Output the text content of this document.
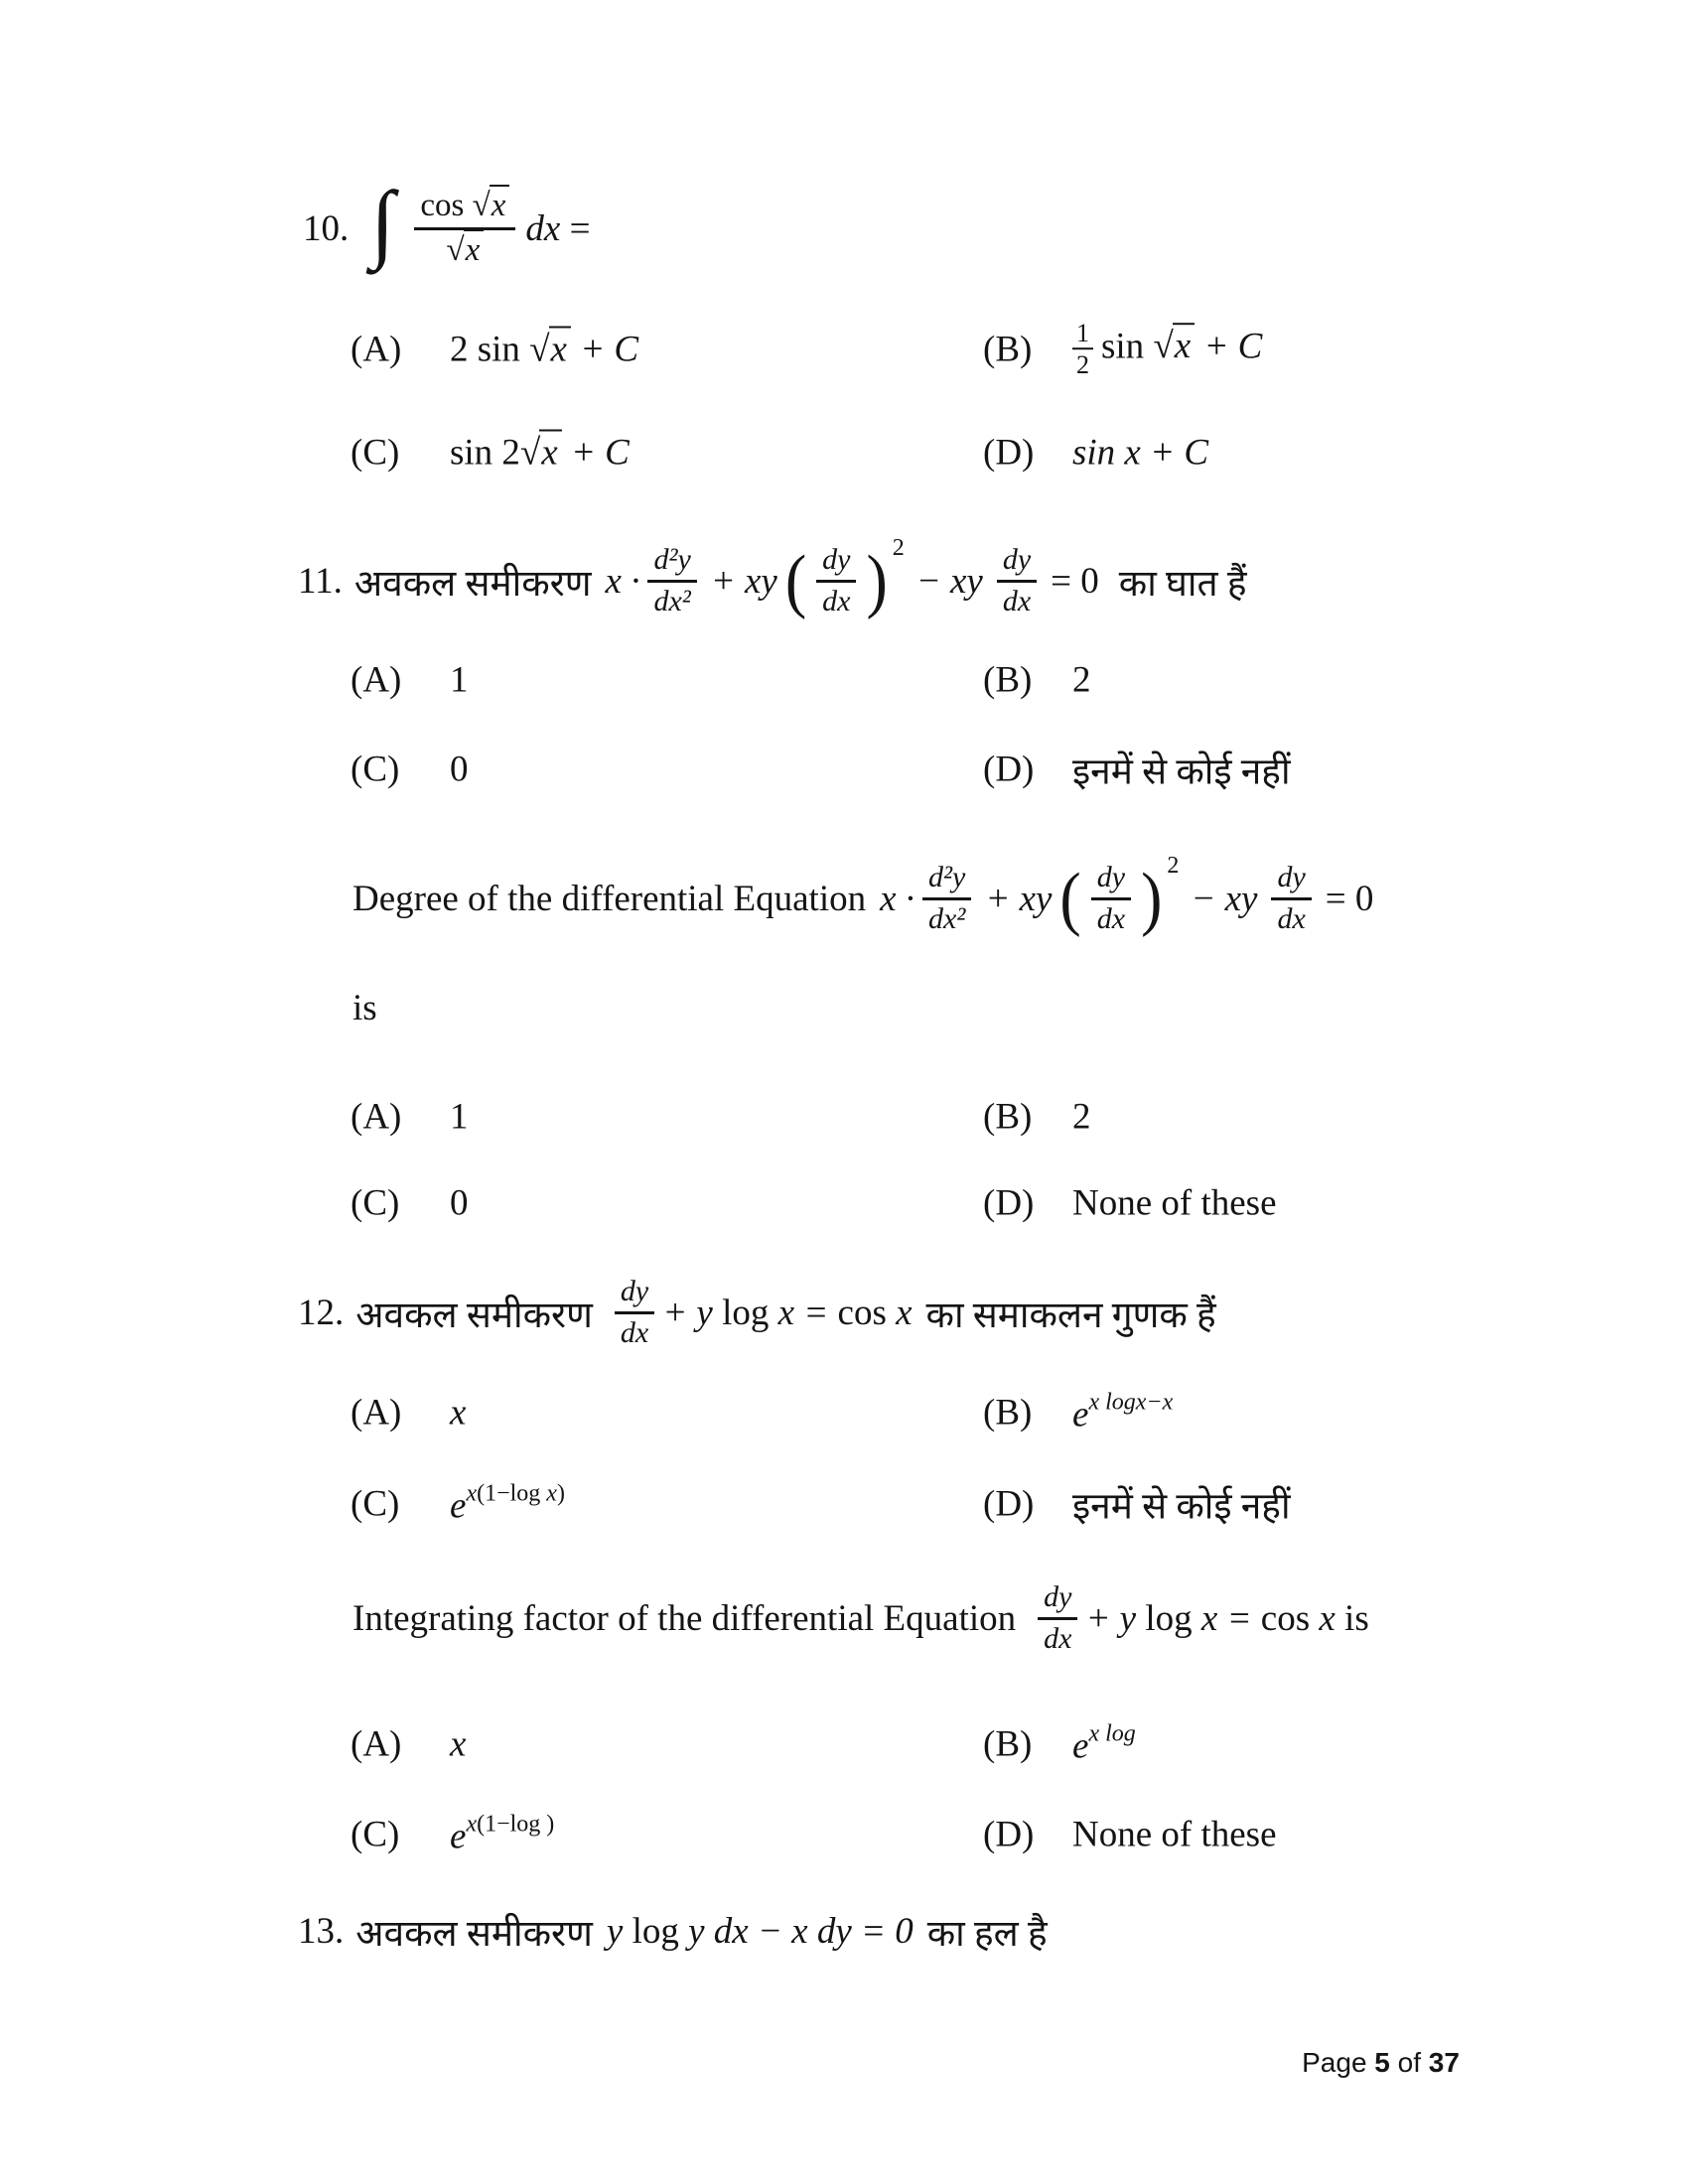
10. ∫ $\frac{\cos √x}{√x}$ dx =
(A) 2 sin √x + C	$(B) \frac{1}{2}$ sin √x + C
(C) sin 2√x + C	(D) sin x + C
11. अवकल समीकरण $x \cdot \frac{\text{d²y}}{\text{dx²}}$ + xy ( $\frac{dy}{dx}$ ) 2
− xy $\frac{dy}{dx} = 0$ का घात हैं
(A) 1	(B) 2
(C) 0	(D) इनमें से कोई नहीं
Degree of the differential Equation $x \cdot \frac{\text{d²y}}{\text{dx²}}$ + xy ( $\frac{dy}{dx}$ ) 2
− xy $\frac{dy}{dx} = 0$
is
(A) 1	(B) 2
(C) 0	(D) None of these
12. अवकल समीकरण $\frac{dy}{dx} + y$ log x = cos x का समाकलन गुणक हैं
(A) x	(B) $e^{x logx-x}$
(C) $e^{x(1-log x)}$	(D) इनमें से कोई नहीं
Integrating factor of the differential Equation $\frac{dy}{dx} + y$ log x = cos x is
(A) x	(B) $e^{x log}$
(C) $e^{x(1-log )}$	(D) None of these
13. अवकल समीकरण y log y dx − x dy = 0 का हल है

Page 5 of 37
